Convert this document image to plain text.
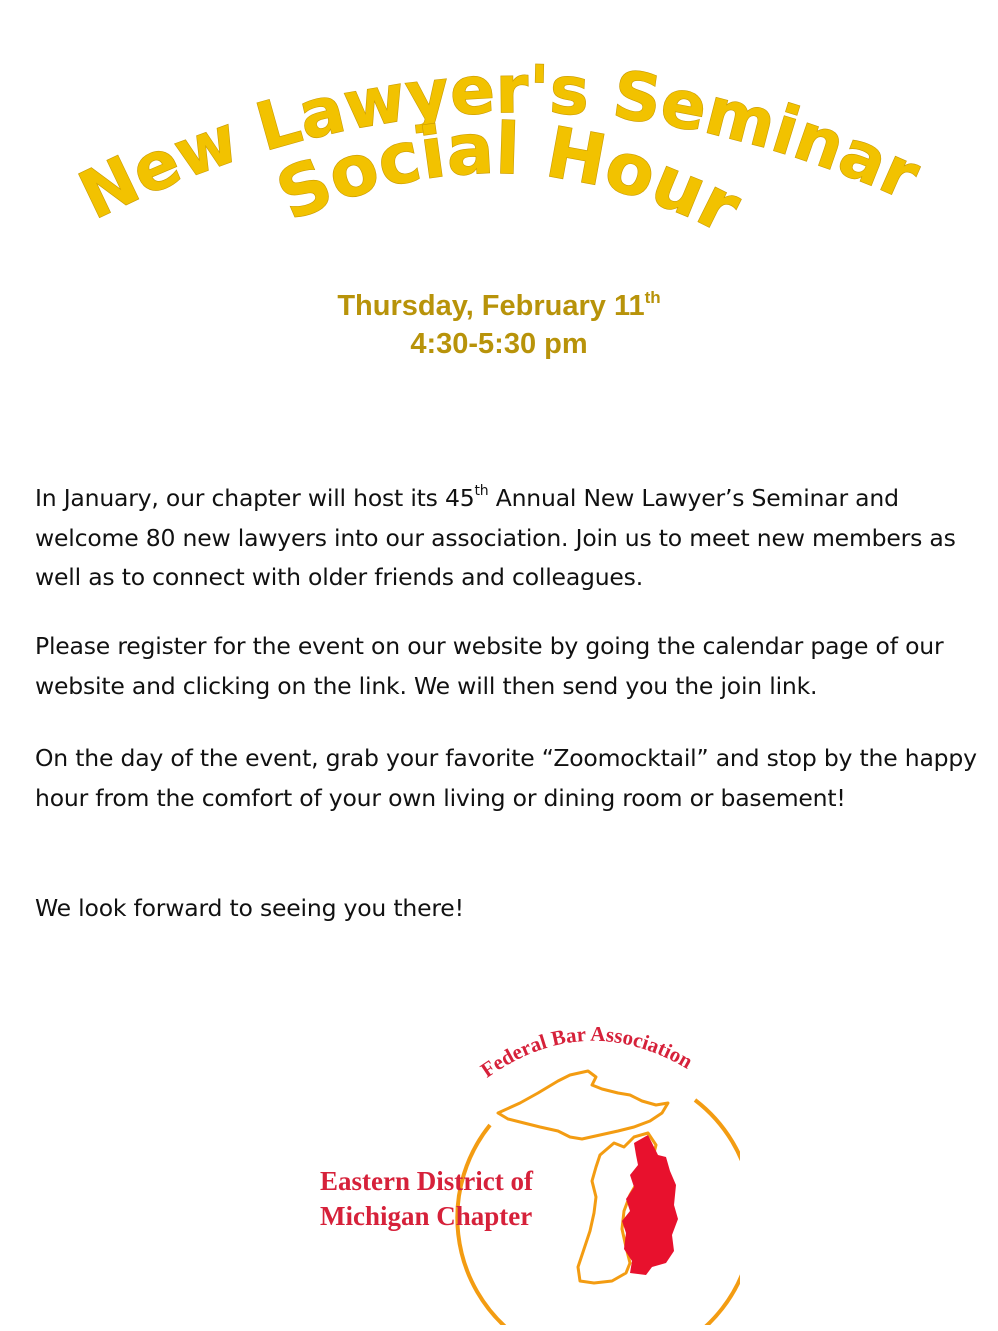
New Lawyer's Seminar
Social Hour
Thursday, February 11th
4:30-5:30 pm

In January, our chapter will host its 45th Annual New Lawyer’s Seminar and welcome 80 new lawyers into our association. Join us to meet new members as well as to connect with older friends and colleagues.

Please register for the event on our website by going the calendar page of our website and clicking on the link. We will then send you the join link.

On the day of the event, grab your favorite “Zoomocktail” and stop by the happy hour from the comfort of your own living or dining room or basement!

We look forward to seeing you there!

Federal Bar Association
Eastern District of
Michigan Chapter
